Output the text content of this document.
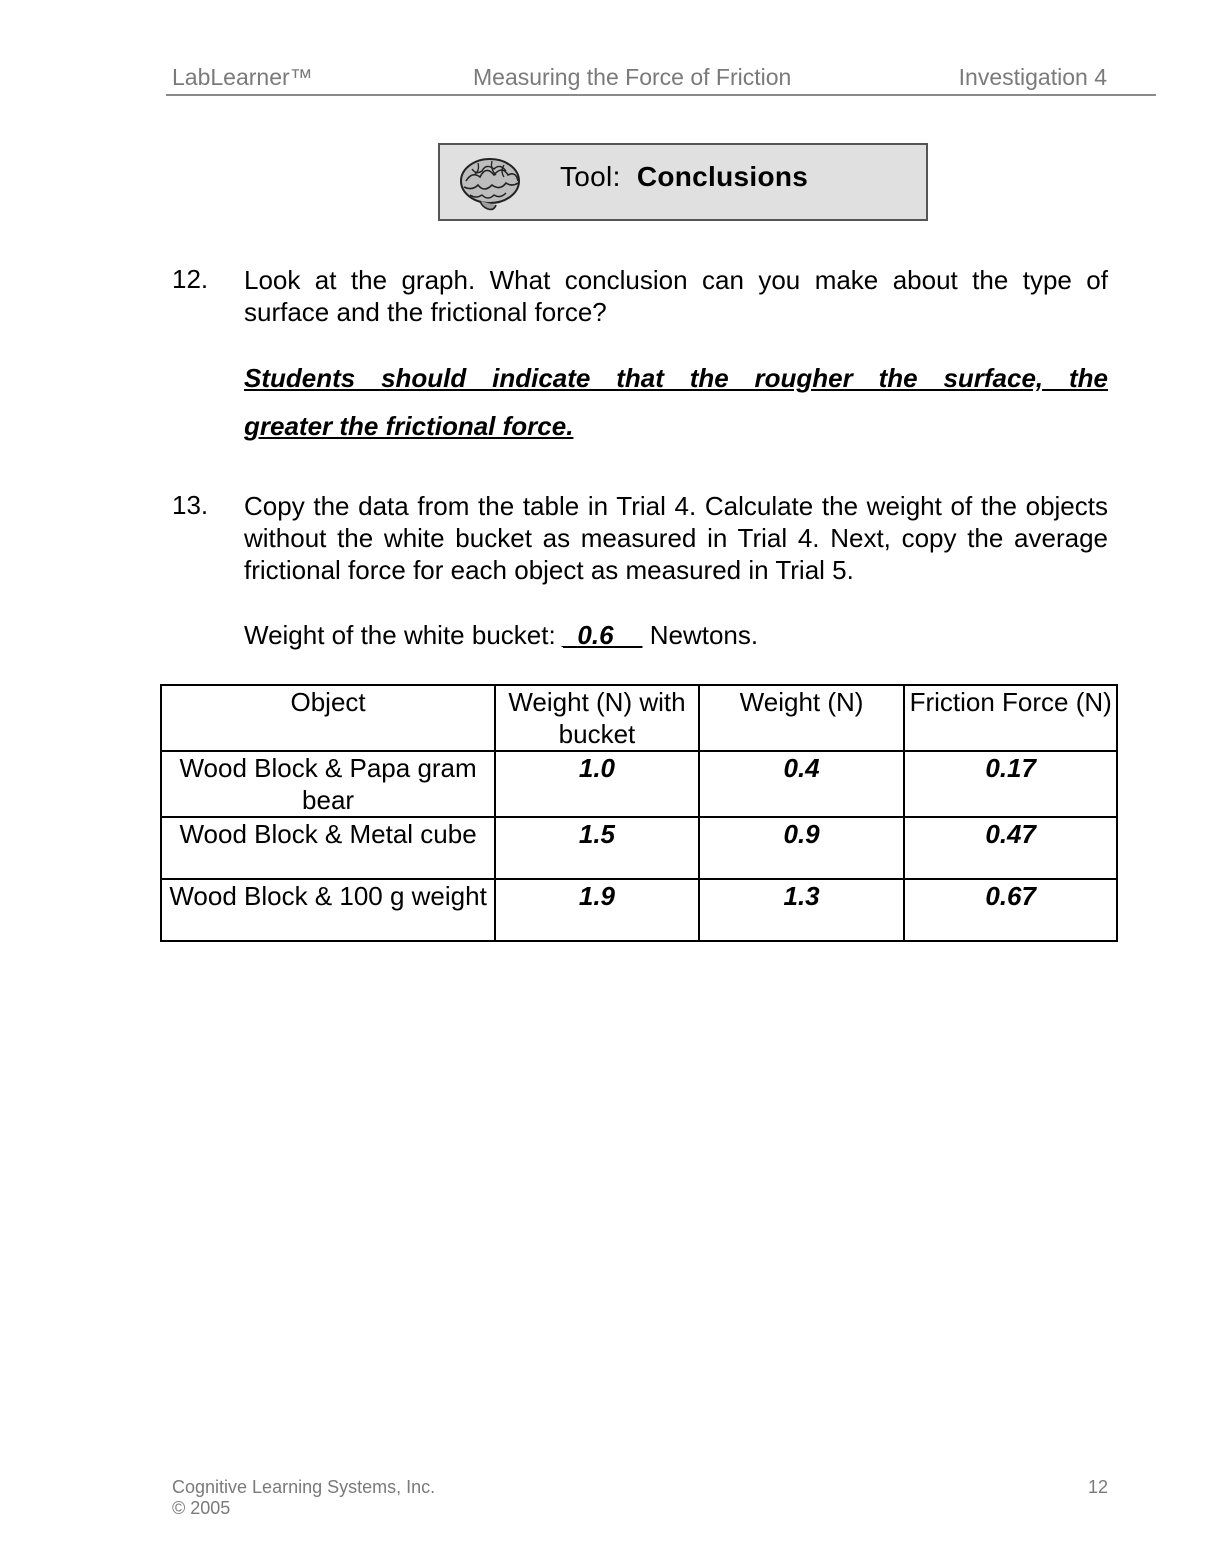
LabLearner™	Measuring the Force of Friction	Investigation 4
Tool: Conclusions
12. Look at the graph. What conclusion can you make about the type of surface and the frictional force?
Students should indicate that the rougher the surface, the
greater the frictional force.
13. Copy the data from the table in Trial 4. Calculate the weight of the objects without the white bucket as measured in Trial 4. Next, copy the average frictional force for each object as measured in Trial 5.
Weight of the white bucket: _0.6__ Newtons.
Object	Weight (N) with bucket	Weight (N)	Friction Force (N)
Wood Block & Papa gram bear	1.0	0.4	0.17
Wood Block & Metal cube	1.5	0.9	0.47
Wood Block & 100 g weight	1.9	1.3	0.67
Cognitive Learning Systems, Inc.
© 2005
12
